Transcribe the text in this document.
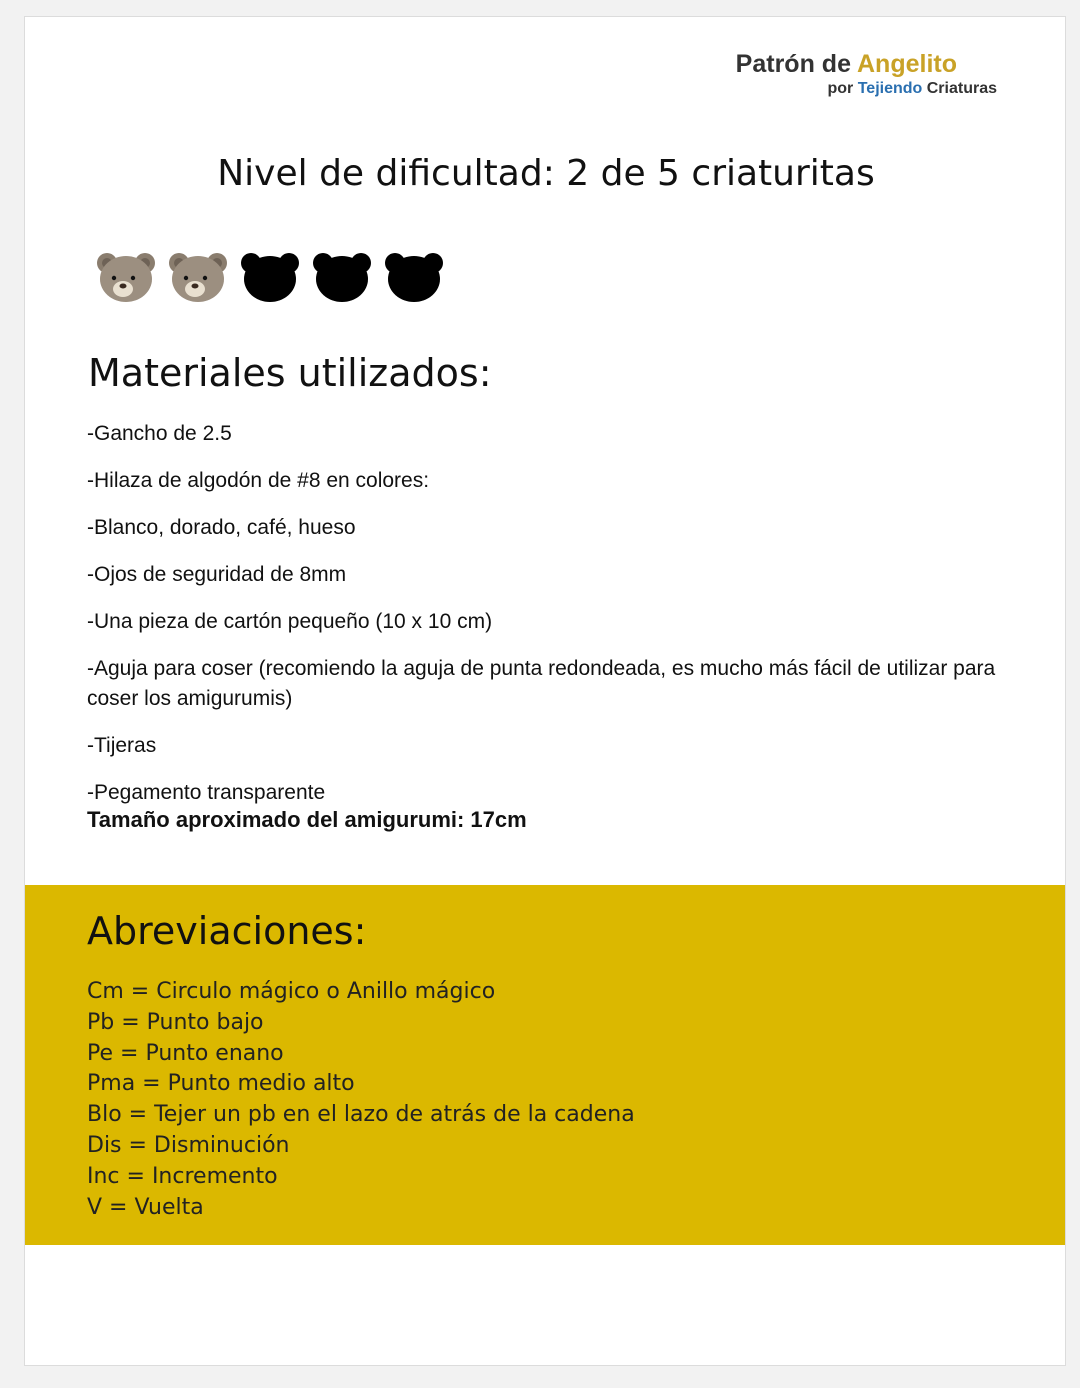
Patrón de Angelito
por Tejiendo Criaturas
Nivel de dificultad: 2 de 5 criaturitas
Materiales utilizados:
-Gancho de 2.5
-Hilaza de algodón de #8 en colores:
-Blanco, dorado, café, hueso
-Ojos de seguridad de 8mm
-Una pieza de cartón pequeño (10 x 10 cm)
-Aguja para coser (recomiendo la aguja de punta redondeada, es mucho más fácil de utilizar para coser los amigurumis)
-Tijeras
-Pegamento transparente
Tamaño aproximado del amigurumi: 17cm
Abreviaciones:
Cm = Circulo mágico o Anillo mágico
Pb = Punto bajo
Pe = Punto enano
Pma = Punto medio alto
Blo = Tejer un pb en el lazo de atrás de la cadena
Dis = Disminución
Inc = Incremento
V = Vuelta
